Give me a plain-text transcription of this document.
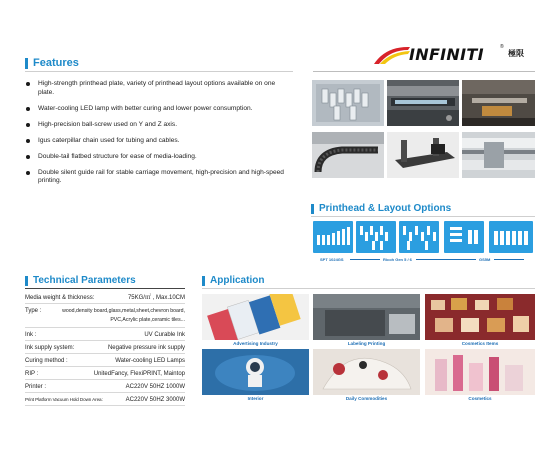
Features
High-strength printhead plate, variety of printhead layout options available on one plate.
Water-cooling LED lamp with better curing and lower power consumption.
High-precision ball-screw used on Y and Z axis.
Igus caterpillar chain used for tubing and cables.
Double-tail flatbed structure for ease of media-loading.
Double silent guide rail for stable carriage movement, high-precision and high-speed printing.
INFINITI	®
極限
Printhead & Layout Options
SPT 1024GS	Ricoh Gen 5 / 6	GS5M
Technical Parameters
Media weight & thickness:	75KG/㎡ , Max.10CM
Type :	wood,density board,glass,metal,sheet,chevron board, PVC,Acrylic plate,ceramic tiles...
Ink :	UV Curable Ink
Ink supply system:	Negative pressure ink supply
Curing method :	Water-cooling LED Lamps
RIP :	UnitedFancy, FlexiPRINT, Maintop
Printer :	AC220V 50HZ 1000W
Print Platform Vacuum Hold Down Area:	AC220V 50HZ 3000W
Application
Advertising Industry	Labeling Printing	Cosmetics Items
Interior	Daily Commodities	Cosmetics
